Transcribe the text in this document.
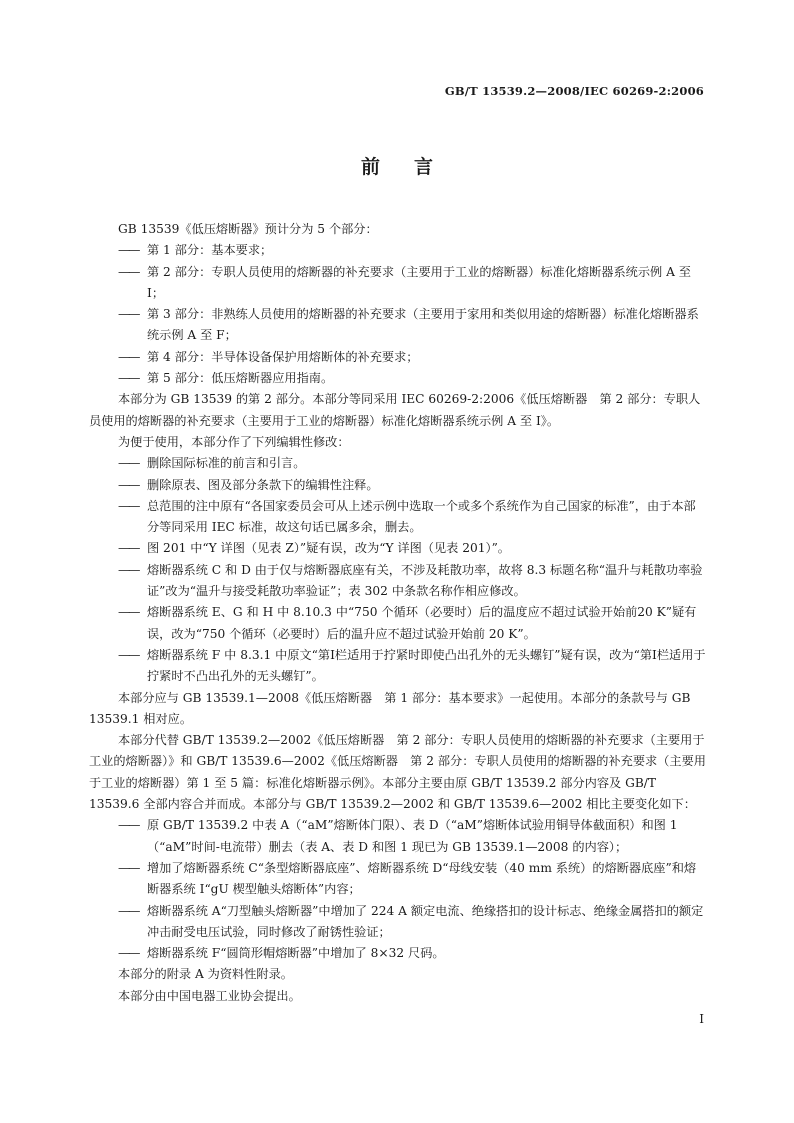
GB/T 13539.2—2008/IEC 60269-2:2006
前言

GB 13539《低压熔断器》预计分为 5 个部分：

—— 第 1 部分：基本要求；

—— 第 2 部分：专职人员使用的熔断器的补充要求（主要用于工业的熔断器）标准化熔断器系统示例 A 至 I；

—— 第 3 部分：非熟练人员使用的熔断器的补充要求（主要用于家用和类似用途的熔断器）标准化熔断器系统示例 A 至 F；

—— 第 4 部分：半导体设备保护用熔断体的补充要求；

—— 第 5 部分：低压熔断器应用指南。

本部分为 GB 13539 的第 2 部分。本部分等同采用 IEC 60269-2:2006《低压熔断器　第 2 部分：专职人员使用的熔断器的补充要求（主要用于工业的熔断器）标准化熔断器系统示例 A 至 I》。

为便于使用，本部分作了下列编辑性修改：

—— 删除国际标准的前言和引言。

—— 删除原表、图及部分条款下的编辑性注释。

—— 总范围的注中原有“各国家委员会可从上述示例中选取一个或多个系统作为自己国家的标准”，由于本部分等同采用 IEC 标准，故这句话已属多余，删去。

—— 图 201 中“Y 详图（见表 Z）”疑有误，改为“Y 详图（见表 201）”。

—— 熔断器系统 C 和 D 由于仅与熔断器底座有关，不涉及耗散功率，故将 8.3 标题名称“温升与耗散功率验证”改为“温升与接受耗散功率验证”；表 302 中条款名称作相应修改。

—— 熔断器系统 E、G 和 H 中 8.10.3 中“750 个循环（必要时）后的温度应不超过试验开始前20 K”疑有误，改为“750 个循环（必要时）后的温升应不超过试验开始前 20 K”。

—— 熔断器系统 F 中 8.3.1 中原文“第Ⅰ栏适用于拧紧时即使凸出孔外的无头螺钉”疑有误，改为“第Ⅰ栏适用于拧紧时不凸出孔外的无头螺钉”。

本部分应与 GB 13539.1—2008《低压熔断器　第 1 部分：基本要求》一起使用。本部分的条款号与 GB 13539.1 相对应。

本部分代替 GB/T 13539.2—2002《低压熔断器　第 2 部分：专职人员使用的熔断器的补充要求（主要用于工业的熔断器）》和 GB/T 13539.6—2002《低压熔断器　第 2 部分：专职人员使用的熔断器的补充要求（主要用于工业的熔断器）第 1 至 5 篇：标准化熔断器示例》。本部分主要由原 GB/T 13539.2 部分内容及 GB/T 13539.6 全部内容合并而成。本部分与 GB/T 13539.2—2002 和 GB/T 13539.6—2002 相比主要变化如下：

—— 原 GB/T 13539.2 中表 A（“aM”熔断体门限）、表 D（“aM”熔断体试验用铜导体截面积）和图 1（“aM”时间-电流带）删去（表 A、表 D 和图 1 现已为 GB 13539.1—2008 的内容）；

—— 增加了熔断器系统 C“条型熔断器底座”、熔断器系统 D“母线安装（40 mm 系统）的熔断器底座”和熔断器系统 I“gU 楔型触头熔断体”内容；

—— 熔断器系统 A“刀型触头熔断器”中增加了 224 A 额定电流、绝缘搭扣的设计标志、绝缘金属搭扣的额定冲击耐受电压试验，同时修改了耐锈性验证；

—— 熔断器系统 F“圆筒形帽熔断器”中增加了 8×32 尺码。

本部分的附录 A 为资料性附录。

本部分由中国电器工业协会提出。

Ⅰ
